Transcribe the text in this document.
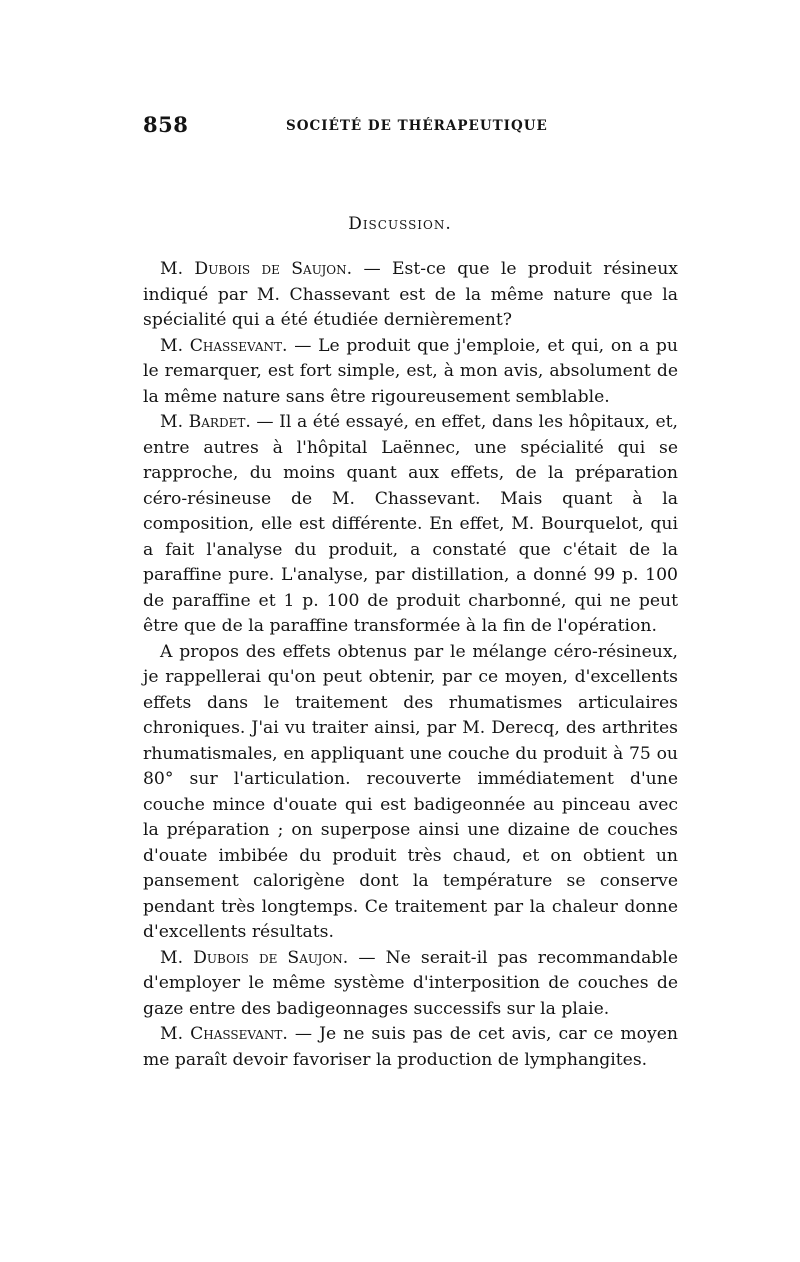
858	SOCIÉTÉ DE THÉRAPEUTIQUE
Discussion.

M. Dubois de Saujon. — Est-ce que le produit résineux indiqué par M. Chassevant est de la même nature que la spécialité qui a été étudiée dernièrement?

M. Chassevant. — Le produit que j'emploie, et qui, on a pu le remarquer, est fort simple, est, à mon avis, absolument de la même nature sans être rigoureusement semblable.

M. Bardet. — Il a été essayé, en effet, dans les hôpitaux, et, entre autres à l'hôpital Laënnec, une spécialité qui se rapproche, du moins quant aux effets, de la préparation céro-résineuse de M. Chassevant. Mais quant à la composition, elle est différente. En effet, M. Bourquelot, qui a fait l'analyse du produit, a constaté que c'était de la paraffine pure. L'analyse, par distillation, a donné 99 p. 100 de paraffine et 1 p. 100 de produit charbonné, qui ne peut être que de la paraffine transformée à la fin de l'opération.

A propos des effets obtenus par le mélange céro-résineux, je rappellerai qu'on peut obtenir, par ce moyen, d'excellents effets dans le traitement des rhumatismes articulaires chroniques. J'ai vu traiter ainsi, par M. Derecq, des arthrites rhumatismales, en appliquant une couche du produit à 75 ou 80° sur l'articulation. recouverte immédiatement d'une couche mince d'ouate qui est badigeonnée au pinceau avec la préparation ; on superpose ainsi une dizaine de couches d'ouate imbibée du produit très chaud, et on obtient un pansement calorigène dont la température se conserve pendant très longtemps. Ce traitement par la chaleur donne d'excellents résultats.

M. Dubois de Saujon. — Ne serait-il pas recommandable d'employer le même système d'interposition de couches de gaze entre des badigeonnages successifs sur la plaie.

M. Chassevant. — Je ne suis pas de cet avis, car ce moyen me paraît devoir favoriser la production de lymphangites.
